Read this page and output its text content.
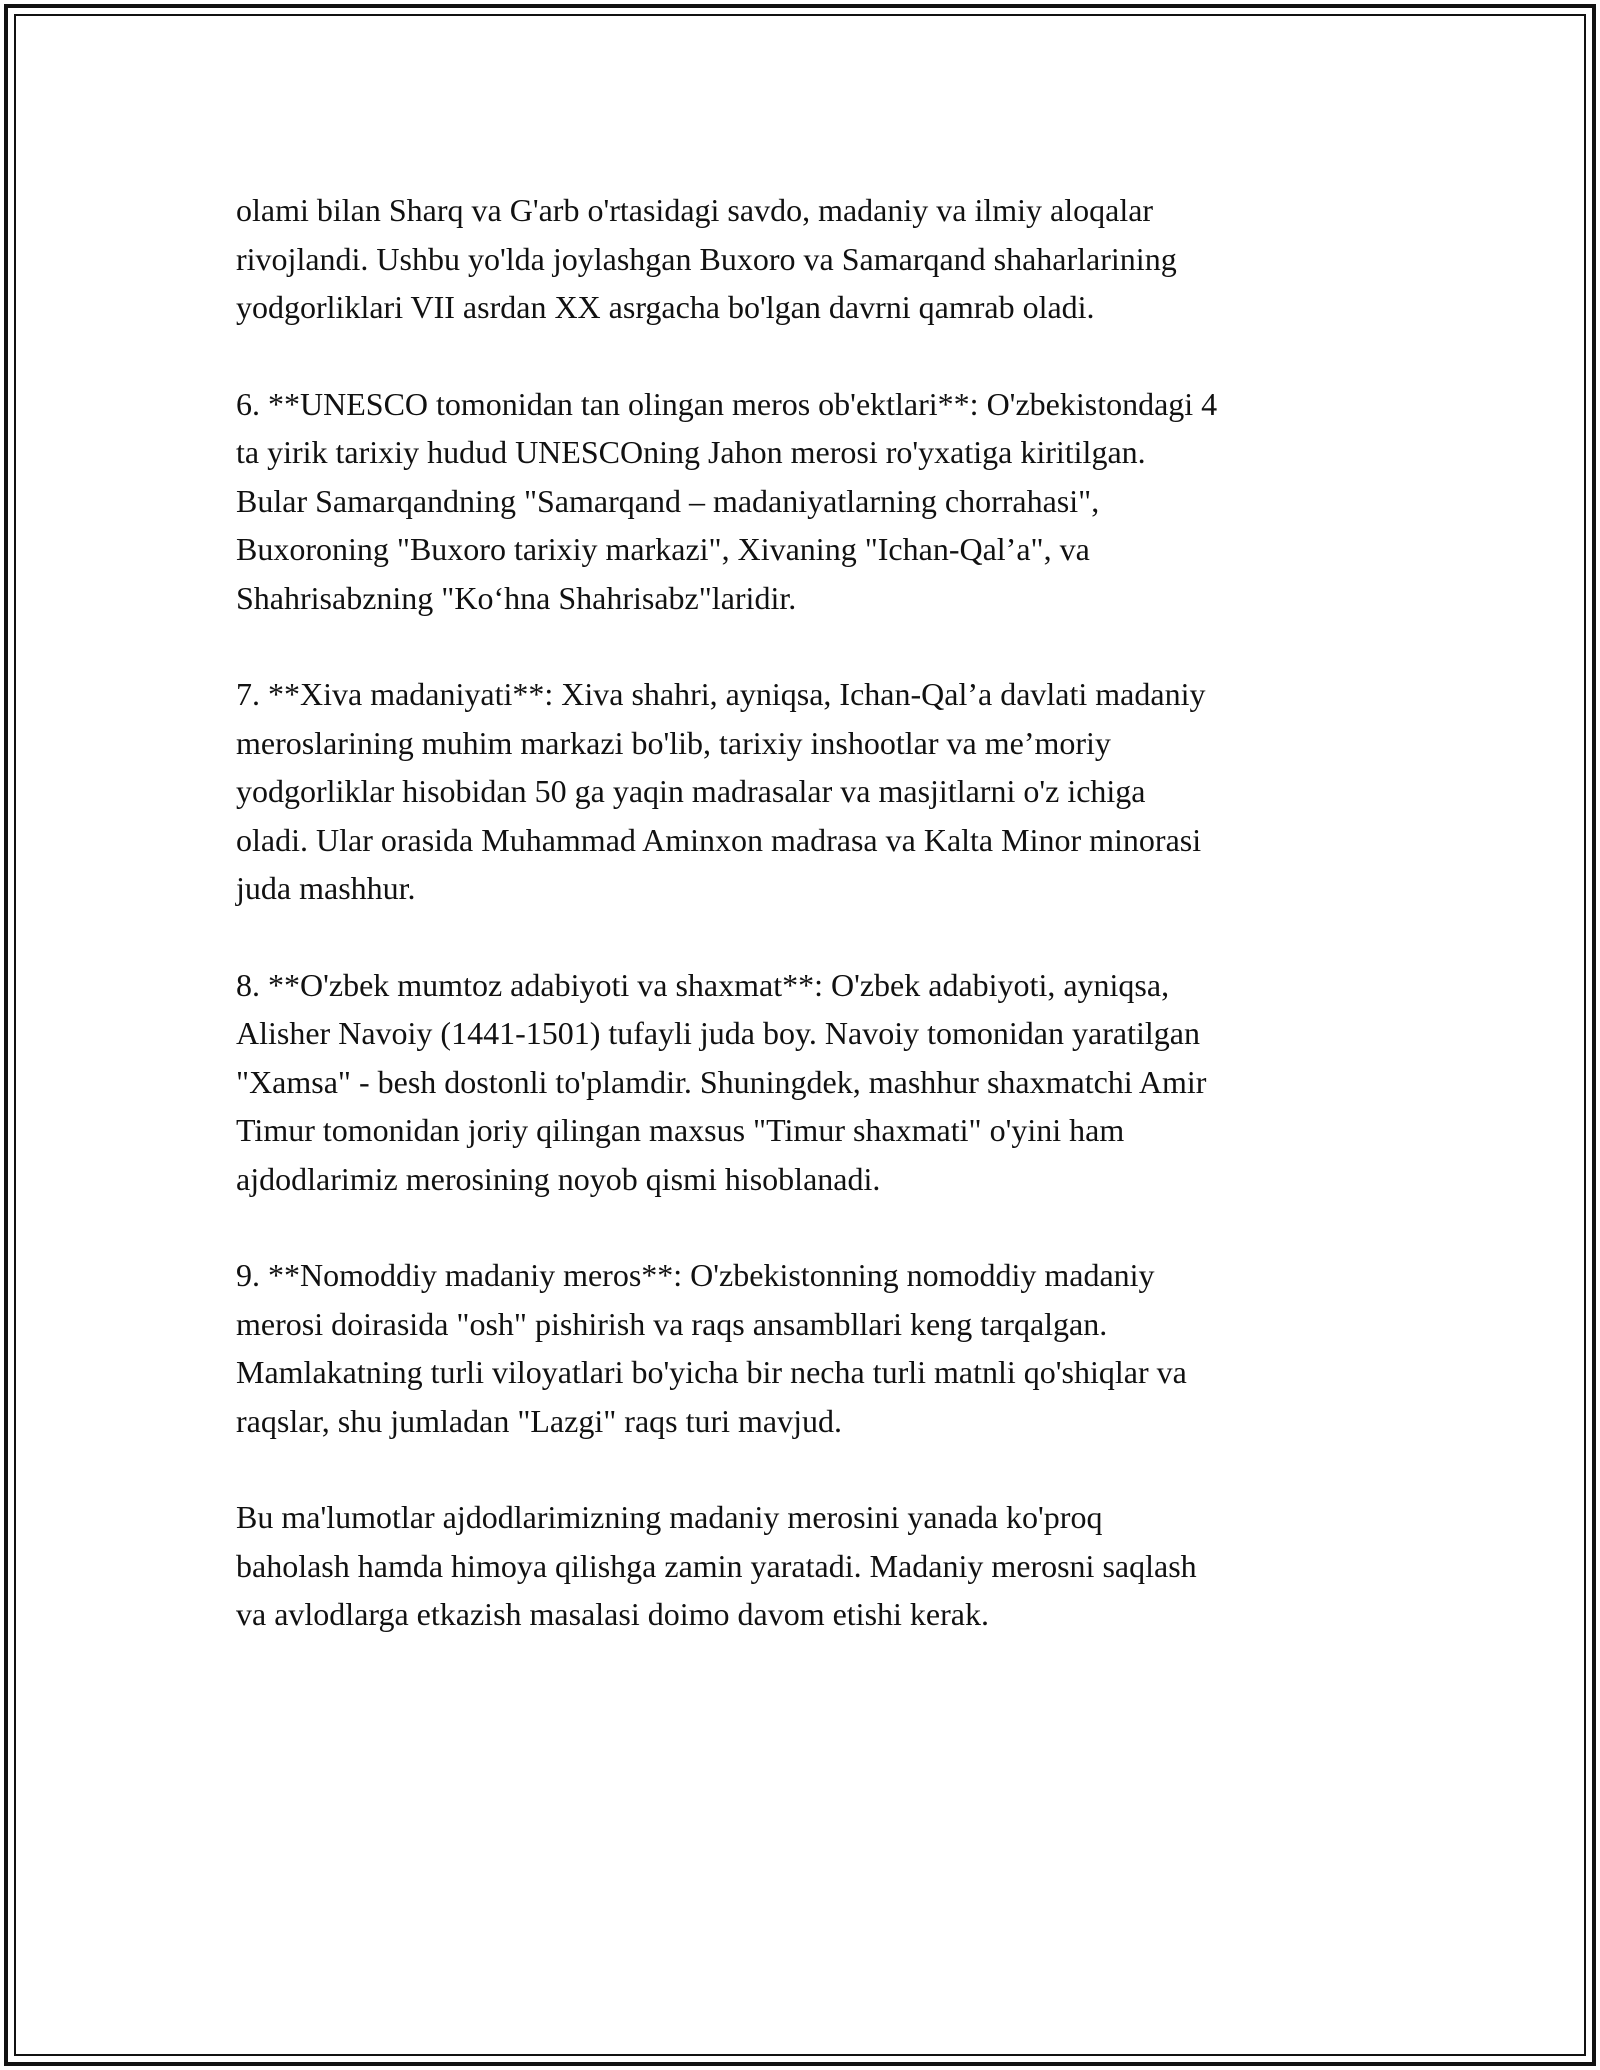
olami bilan Sharq va G'arb o'rtasidagi savdo, madaniy va ilmiy aloqalar
rivojlandi. Ushbu yo'lda joylashgan Buxoro va Samarqand shaharlarining
yodgorliklari VII asrdan XX asrgacha bo'lgan davrni qamrab oladi.

6. **UNESCO tomonidan tan olingan meros ob'ektlari**: O'zbekistondagi 4
ta yirik tarixiy hudud UNESCOning Jahon merosi ro'yxatiga kiritilgan.
Bular Samarqandning "Samarqand – madaniyatlarning chorrahasi",
Buxoroning "Buxoro tarixiy markazi", Xivaning "Ichan-Qal’a", va
Shahrisabzning "Ko‘hna Shahrisabz"laridir.

7. **Xiva madaniyati**: Xiva shahri, ayniqsa, Ichan-Qal’a davlati madaniy
meroslarining muhim markazi bo'lib, tarixiy inshootlar va me’moriy
yodgorliklar hisobidan 50 ga yaqin madrasalar va masjitlarni o'z ichiga
oladi. Ular orasida Muhammad Aminxon madrasa va Kalta Minor minorasi
juda mashhur.

8. **O'zbek mumtoz adabiyoti va shaxmat**: O'zbek adabiyoti, ayniqsa,
Alisher Navoiy (1441-1501) tufayli juda boy. Navoiy tomonidan yaratilgan
"Xamsa" - besh dostonli to'plamdir. Shuningdek, mashhur shaxmatchi Amir
Timur tomonidan joriy qilingan maxsus "Timur shaxmati" o'yini ham
ajdodlarimiz merosining noyob qismi hisoblanadi.

9. **Nomoddiy madaniy meros**: O'zbekistonning nomoddiy madaniy
merosi doirasida "osh" pishirish va raqs ansambllari keng tarqalgan.
Mamlakatning turli viloyatlari bo'yicha bir necha turli matnli qo'shiqlar va
raqslar, shu jumladan "Lazgi" raqs turi mavjud.

Bu ma'lumotlar ajdodlarimizning madaniy merosini yanada ko'proq
baholash hamda himoya qilishga zamin yaratadi. Madaniy merosni saqlash
va avlodlarga etkazish masalasi doimo davom etishi kerak.
